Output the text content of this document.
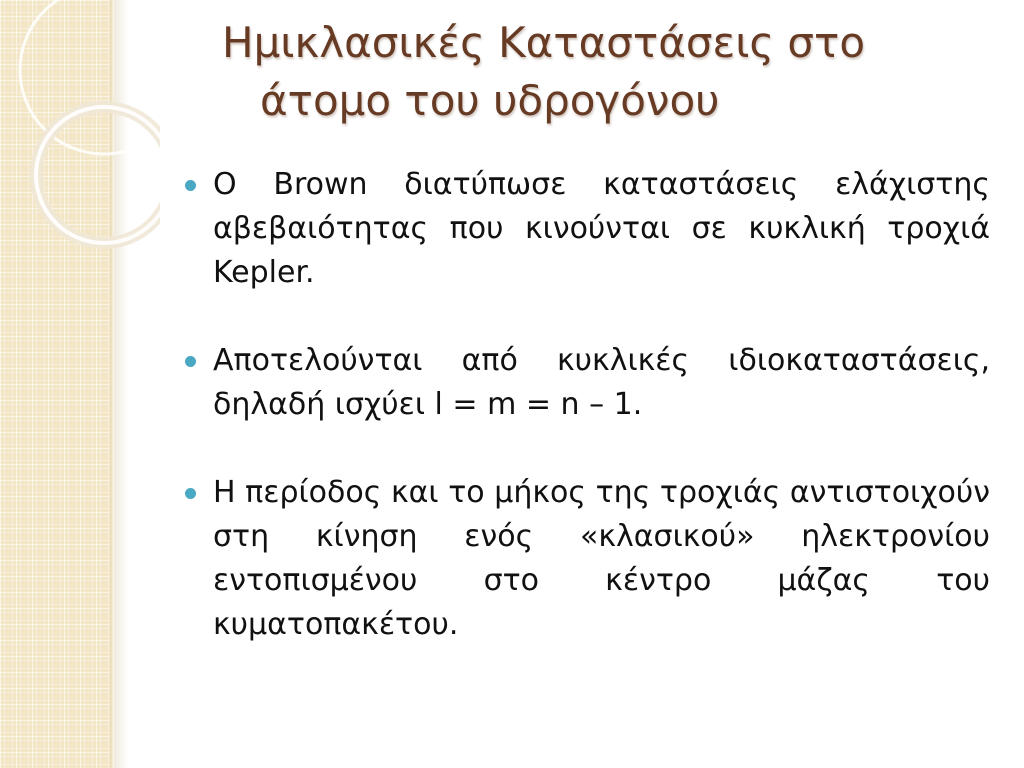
Ημικλασικές Καταστάσεις στο
άτομο του υδρογόνου
Ο Brown διατύπωσε καταστάσεις ελάχιστης αβεβαιότητας που κινούνται σε κυκλική τροχιά Kepler.
Αποτελούνται από κυκλικές ιδιοκαταστάσεις, δηλαδή ισχύει l = m = n – 1.
Η περίοδος και το μήκος της τροχιάς αντιστοιχούν στη κίνηση ενός «κλασικού» ηλεκτρονίου εντοπισμένου στο κέντρο μάζας του κυματοπακέτου.
